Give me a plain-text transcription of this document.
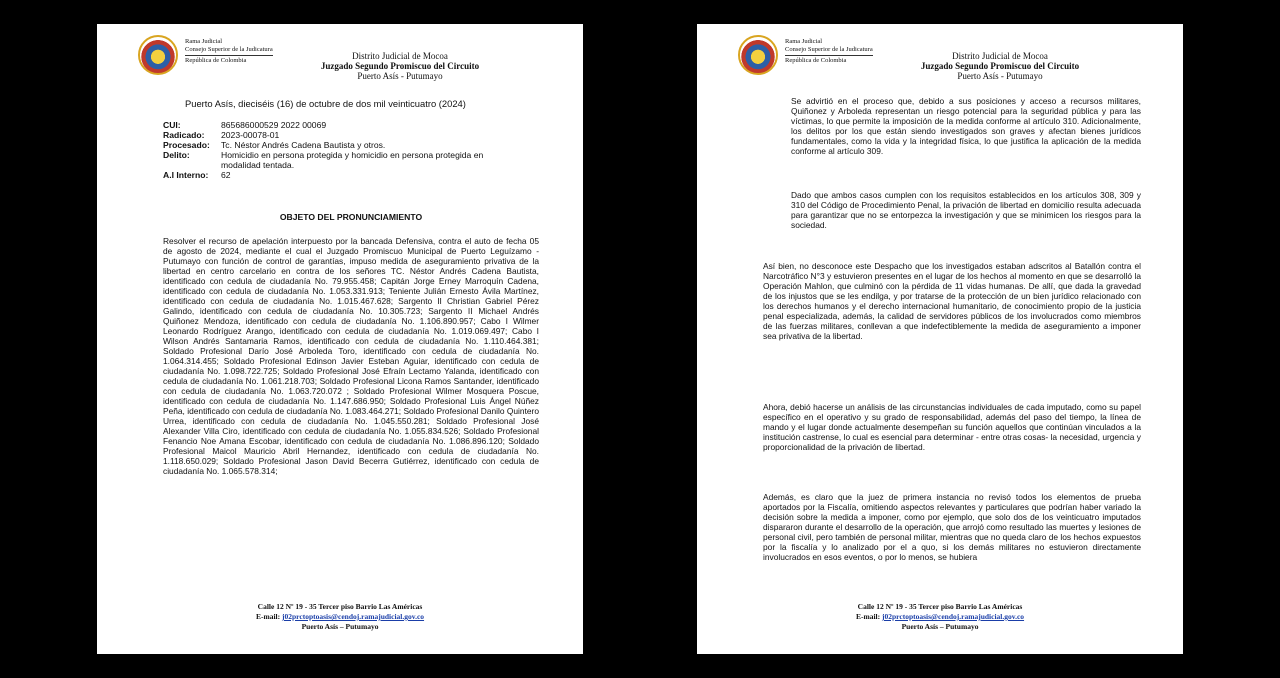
Rama Judicial
Consejo Superior de la Judicatura
República de Colombia	Distrito Judicial de Mocoa
Juzgado Segundo Promiscuo del Circuito
Puerto Asís - Putumayo
Puerto Asís, dieciséis (16) de octubre de dos mil veinticuatro (2024)
CUI:	865686000529 2022 00069
Radicado:	2023-00078-01
Procesado:	Tc. Néstor Andrés Cadena Bautista y otros.
Delito:	Homicidio en persona protegida y homicidio en persona protegida en modalidad tentada.
A.I Interno:	62
OBJETO DEL PRONUNCIAMIENTO

Resolver el recurso de apelación interpuesto por la bancada Defensiva, contra el auto de fecha 05 de agosto de 2024, mediante el cual el Juzgado Promiscuo Municipal de Puerto Leguízamo - Putumayo con función de control de garantías, impuso medida de aseguramiento privativa de la libertad en centro carcelario en contra de los señores TC. Néstor Andrés Cadena Bautista, identificado con cedula de ciudadanía No. 79.955.458; Capitán Jorge Erney Marroquín Cadena, identificado con cedula de ciudadanía No. 1.053.331.913; Teniente Julián Ernesto Ávila Martínez, identificado con cedula de ciudadanía No. 1.015.467.628; Sargento II Christian Gabriel Pérez Galindo, identificado con cedula de ciudadanía No. 10.305.723; Sargento II Michael Andrés Quiñonez Mendoza, identificado con cedula de ciudadanía No. 1.106.890.957; Cabo I Wilmer Leonardo Rodríguez Arango, identificado con cedula de ciudadanía No. 1.019.069.497; Cabo I Wilson Andrés Santamaria Ramos, identificado con cedula de ciudadanía No. 1.110.464.381; Soldado Profesional Darío José Arboleda Toro, identificado con cedula de ciudadanía No. 1.064.314.455; Soldado Profesional Edinson Javier Esteban Aguiar, identificado con cedula de ciudadanía No. 1.098.722.725; Soldado Profesional José Efraín Lectamo Yalanda, identificado con cedula de ciudadanía No. 1.061.218.703; Soldado Profesional Licona Ramos Santander, identificado con cedula de ciudadanía No. 1.063.720.072 ; Soldado Profesional Wilmer Mosquera Poscue, identificado con cedula de ciudadanía No. 1.147.686.950; Soldado Profesional Luis Ángel Núñez Peña, identificado con cedula de ciudadanía No. 1.083.464.271; Soldado Profesional Danilo Quintero Urrea, identificado con cedula de ciudadanía No. 1.045.550.281; Soldado Profesional José Alexander Villa Ciro, identificado con cedula de ciudadanía No. 1.055.834.526; Soldado Profesional Fenancio Noe Amana Escobar, identificado con cedula de ciudadanía No. 1.086.896.120; Soldado Profesional Maicol Mauricio Abril Hernandez, identificado con cedula de ciudadanía No. 1.118.650.029; Soldado Profesional Jason David Becerra Gutiérrez, identificado con cedula de ciudadanía No. 1.065.578.314;

Calle 12 Nº 19 - 35 Tercer piso Barrio Las Américas
E-mail: j02prctoptoasis@cendoj.ramajudicial.gov.co
Puerto Asís – Putumayo
Rama Judicial
Consejo Superior de la Judicatura
República de Colombia	Distrito Judicial de Mocoa
Juzgado Segundo Promiscuo del Circuito
Puerto Asís - Putumayo

Se advirtió en el proceso que, debido a sus posiciones y acceso a recursos militares, Quiñonez y Arboleda representan un riesgo potencial para la seguridad pública y para las víctimas, lo que permite la imposición de la medida conforme al artículo 310. Adicionalmente, los delitos por los que están siendo investigados son graves y afectan bienes jurídicos fundamentales, como la vida y la integridad física, lo que justifica la aplicación de la medida conforme al artículo 309.

Dado que ambos casos cumplen con los requisitos establecidos en los artículos 308, 309 y 310 del Código de Procedimiento Penal, la privación de libertad en domicilio resulta adecuada para garantizar que no se entorpezca la investigación y que se minimicen los riesgos para la sociedad.

Así bien, no desconoce este Despacho que los investigados estaban adscritos al Batallón contra el Narcotráfico N°3 y estuvieron presentes en el lugar de los hechos al momento en que se desarrolló la Operación Mahlon, que culminó con la pérdida de 11 vidas humanas. De allí, que dada la gravedad de los injustos que se les endilga, y por tratarse de la protección de un bien jurídico relacionado con los derechos humanos y el derecho internacional humanitario, de conocimiento propio de la justicia penal especializada, además, la calidad de servidores públicos de los involucrados como miembros de las fuerzas militares, conllevan a que indefectiblemente la medida de aseguramiento a imponer sea privativa de la libertad.

Ahora, debió hacerse un análisis de las circunstancias individuales de cada imputado, como su papel específico en el operativo y su grado de responsabilidad, además del paso del tiempo, la línea de mando y el lugar donde actualmente desempeñan su función aquellos que continúan vinculados a la institución castrense, lo cual es esencial para determinar - entre otras cosas- la necesidad, urgencia y proporcionalidad de la privación de libertad.

Además, es claro que la juez de primera instancia no revisó todos los elementos de prueba aportados por la Fiscalía, omitiendo aspectos relevantes y particulares que podrían haber variado la decisión sobre la medida a imponer, como por ejemplo, que solo dos de los veinticuatro imputados dispararon durante el desarrollo de la operación, que arrojó como resultado las muertes y lesiones de personal civil, pero también de personal militar, mientras que no queda claro de los hechos expuestos por la fiscalía y lo analizado por el a quo, si los demás militares no estuvieron directamente involucrados en esos eventos, o por lo menos, se hubiera

Calle 12 Nº 19 - 35 Tercer piso Barrio Las Américas
E-mail: j02prctoptoasis@cendoj.ramajudicial.gov.co
Puerto Asís – Putumayo
